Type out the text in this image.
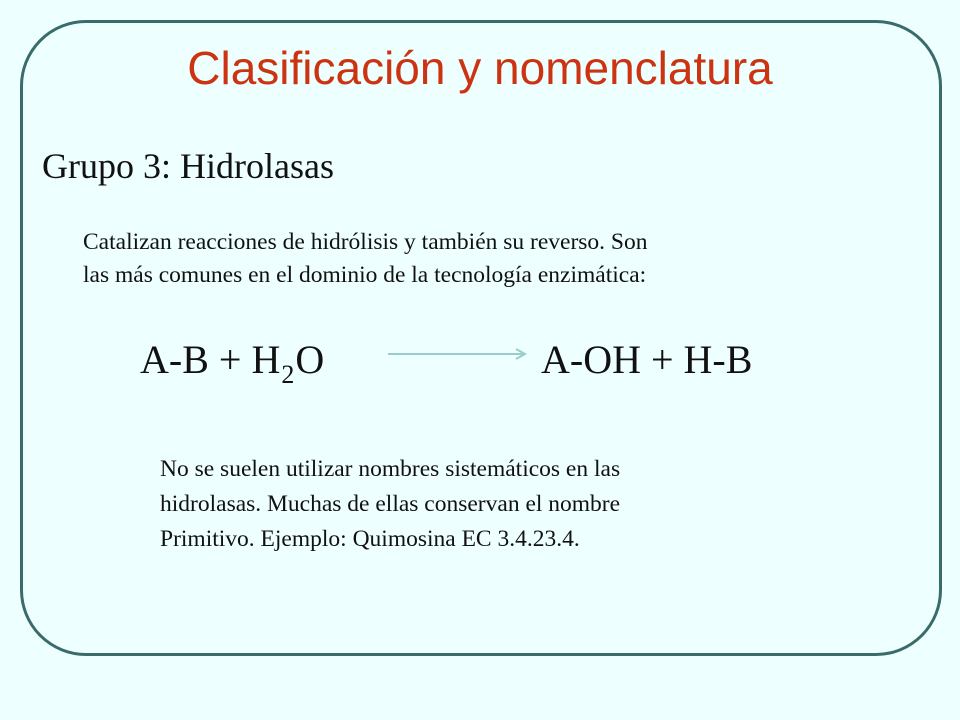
Clasificación y nomenclatura
Grupo 3: Hidrolasas

Catalizan reacciones de hidrólisis y también su reverso. Son

las más comunes en el dominio de la tecnología enzimática:

$A-B + H_2O$	A-OH + H-B

No se suelen utilizar nombres sistemáticos en las

hidrolasas. Muchas de ellas conservan el nombre

Primitivo. Ejemplo: Quimosina EC 3.4.23.4.
